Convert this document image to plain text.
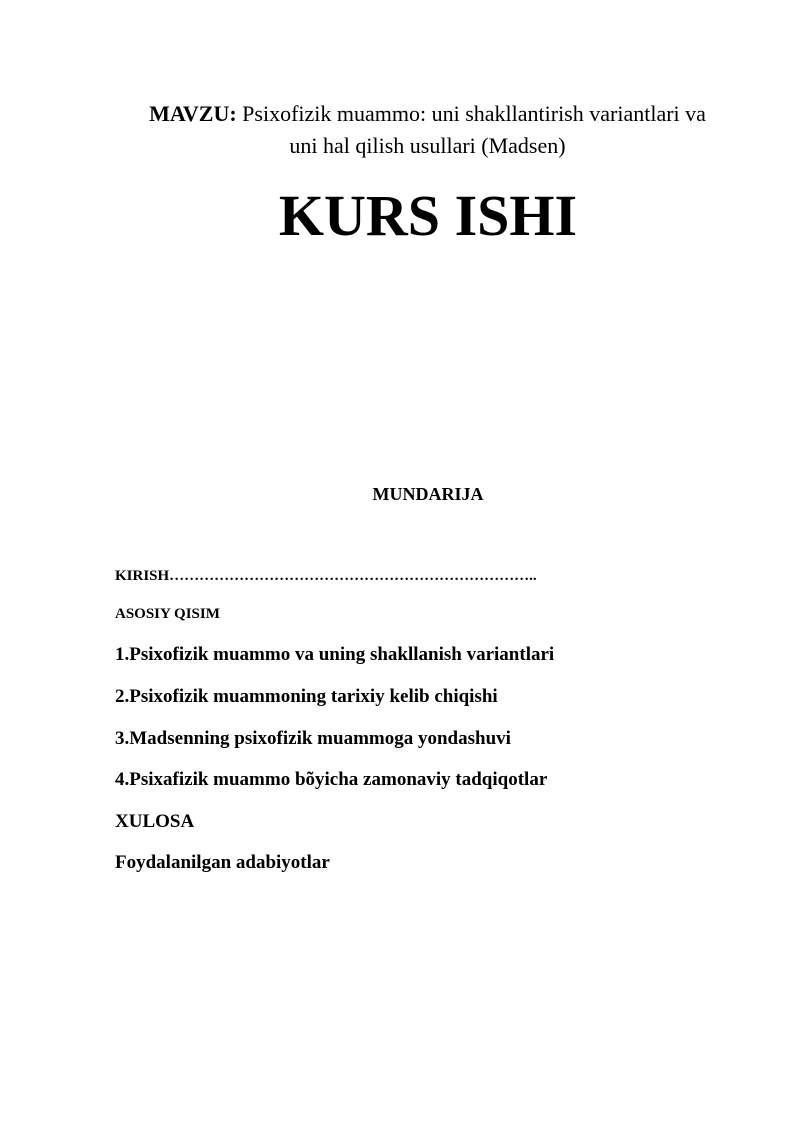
MAVZU: Psixofizik muammo: uni shakllantirish variantlari va
uni hal qilish usullari (Madsen)
KURS ISHI
MUNDARIJA
KIRISH………………………………………………………………..
ASOSIY QISIM
1.Psixofizik muammo va uning shakllanish variantlari
2.Psixofizik muammoning tarixiy kelib chiqishi
3.Madsenning psixofizik muammoga yondashuvi
4.Psixafizik muammo bõyicha zamonaviy tadqiqotlar
XULOSA
Foydalanilgan adabiyotlar
